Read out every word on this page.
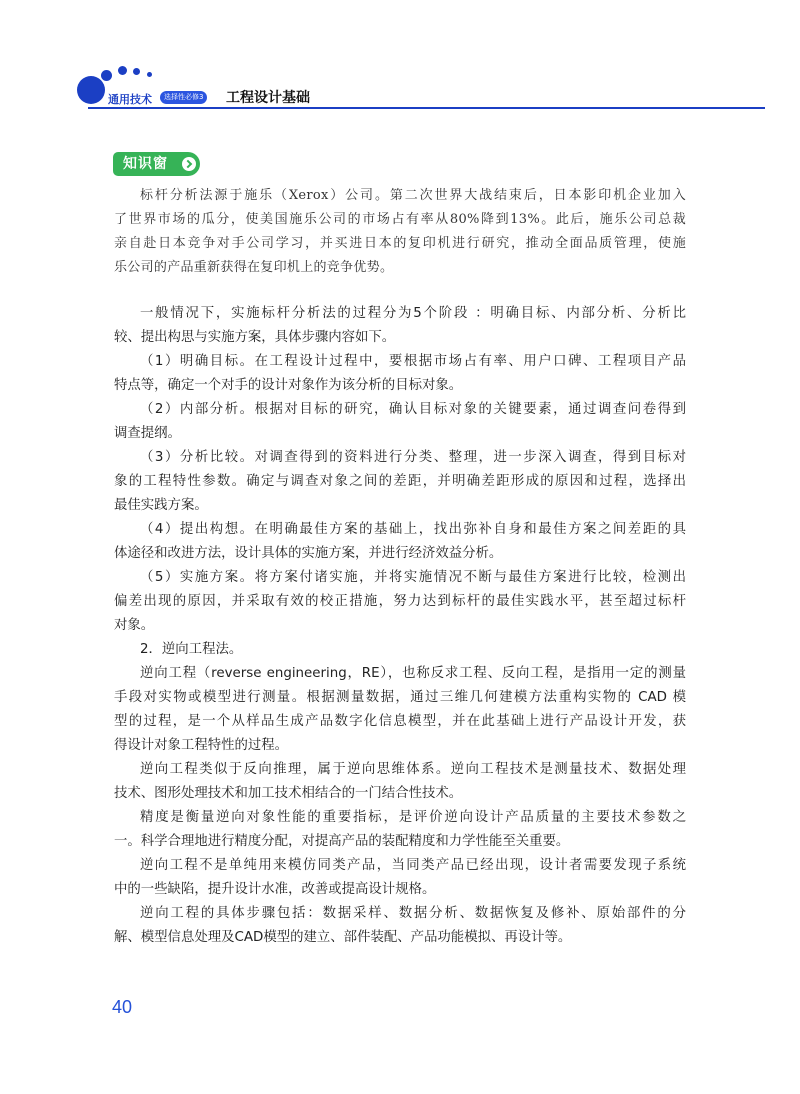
通用技术	选择性必修3 工程设计基础
知识窗

标杆分析法源于施乐（Xerox）公司。第二次世界大战结束后，日本影印机企业加入

了世界市场的瓜分，使美国施乐公司的市场占有率从80%降到13%。此后，施乐公司总裁

亲自赴日本竞争对手公司学习，并买进日本的复印机进行研究，推动全面品质管理，使施

乐公司的产品重新获得在复印机上的竞争优势。

一般情况下，实施标杆分析法的过程分为5个阶段 ：明确目标、内部分析、分析比

较、提出构思与实施方案，具体步骤内容如下。

（1）明确目标。在工程设计过程中，要根据市场占有率、用户口碑、工程项目产品

特点等，确定一个对手的设计对象作为该分析的目标对象。

（2）内部分析。根据对目标的研究，确认目标对象的关键要素，通过调查问卷得到

调查提纲。

（3）分析比较。对调查得到的资料进行分类、整理，进一步深入调查，得到目标对

象的工程特性参数。确定与调查对象之间的差距，并明确差距形成的原因和过程，选择出

最佳实践方案。

（4）提出构想。在明确最佳方案的基础上，找出弥补自身和最佳方案之间差距的具

体途径和改进方法，设计具体的实施方案，并进行经济效益分析。

（5）实施方案。将方案付诸实施，并将实施情况不断与最佳方案进行比较，检测出

偏差出现的原因，并采取有效的校正措施，努力达到标杆的最佳实践水平，甚至超过标杆

对象。

2．逆向工程法。

逆向工程（reverse engineering，RE），也称反求工程、反向工程，是指用一定的测量

手段对实物或模型进行测量。根据测量数据，通过三维几何建模方法重构实物的 CAD 模

型的过程，是一个从样品生成产品数字化信息模型，并在此基础上进行产品设计开发，获

得设计对象工程特性的过程。

逆向工程类似于反向推理，属于逆向思维体系。逆向工程技术是测量技术、数据处理

技术、图形处理技术和加工技术相结合的一门结合性技术。

精度是衡量逆向对象性能的重要指标，是评价逆向设计产品质量的主要技术参数之

一。科学合理地进行精度分配，对提高产品的装配精度和力学性能至关重要。

逆向工程不是单纯用来模仿同类产品，当同类产品已经出现，设计者需要发现子系统

中的一些缺陷，提升设计水准，改善或提高设计规格。

逆向工程的具体步骤包括：数据采样、数据分析、数据恢复及修补、原始部件的分

解、模型信息处理及CAD模型的建立、部件装配、产品功能模拟、再设计等。

40
